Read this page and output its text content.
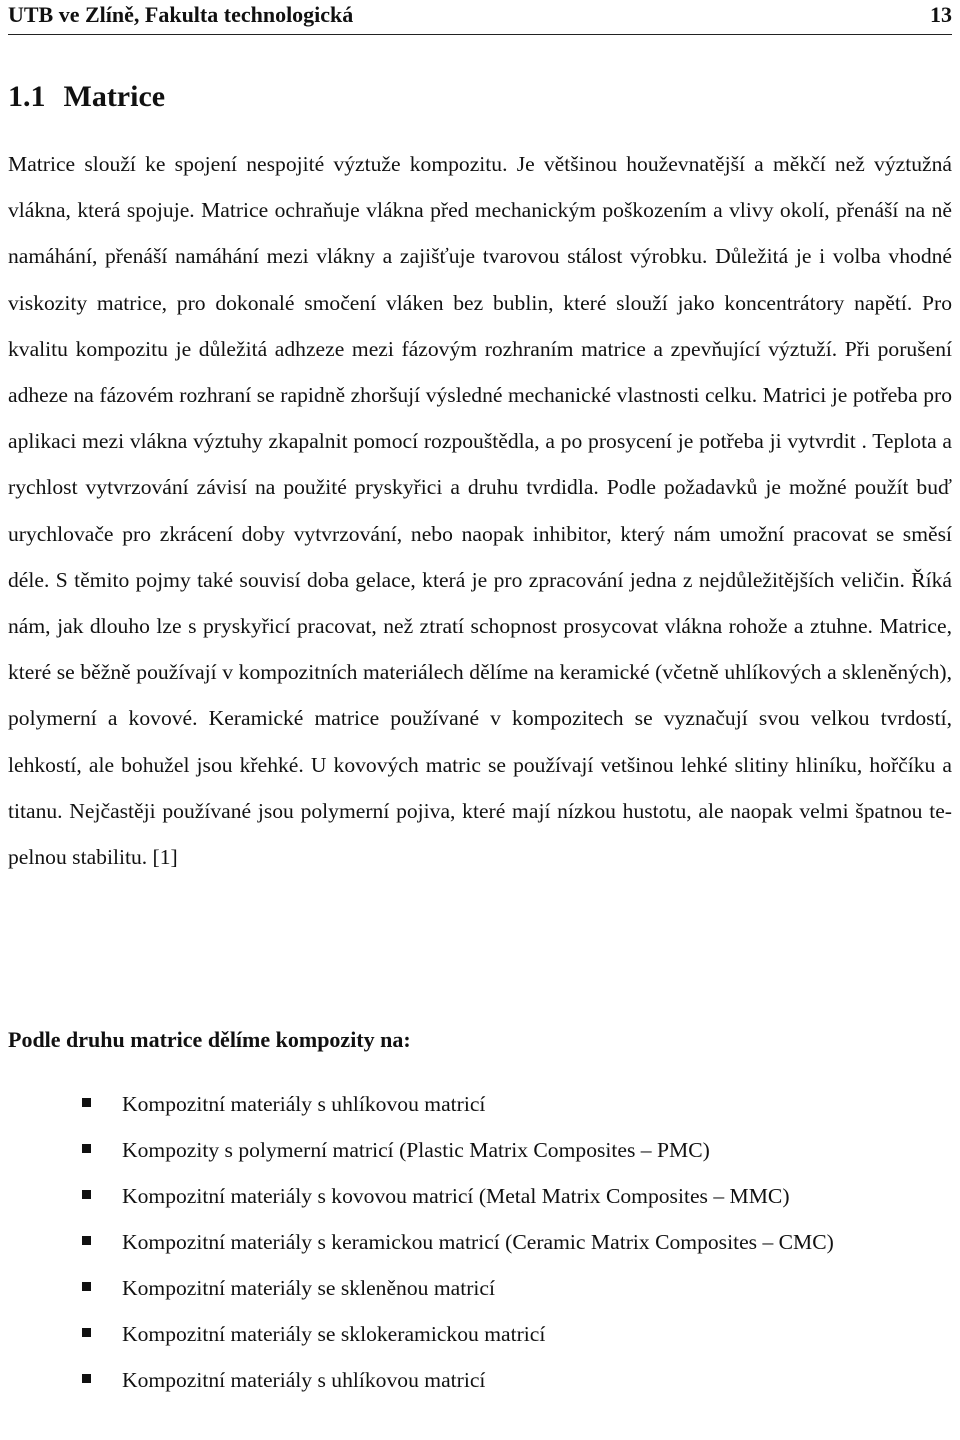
UTB ve Zlíně, Fakulta technologická	13
1.1 Matrice

Matrice slouží ke spojení nespojité výztuže kompozitu. Je většinou houževnatější a měkčí než výztužná vlákna, která spojuje. Matrice ochraňuje vlákna před mechanickým poškozením a vlivy okolí, přenáší na ně namáhání, přenáší namáhání mezi vlákny a zajišťuje tvarovou stálost výrobku. Důležitá je i volba vhodné viskozity matrice, pro dokonalé smočení vláken bez bublin, které slouží jako koncentrátory napětí. Pro kvalitu kompozitu je důležitá adhzeze mezi fázovým rozhraním matrice a zpevňující výztuží. Při porušení adheze na fázovém rozhraní se rapidně zhoršují výsledné mechanické vlastnosti celku. Matrici je potřeba pro aplikaci mezi vlákna výztuhy zkapalnit pomocí rozpouštědla, a po prosycení je potřeba ji vytvrdit . Teplota a rychlost vytvrzování závisí na použité pryskyřici a druhu tvrdidla. Podle požadavků je možné použít buď urychlovače pro zkrácení doby vytvrzování, nebo naopak inhibitor, který nám umožní pracovat se směsí déle. S těmito pojmy také souvisí doba gelace, která je pro zpracování jedna z nejdůležitějších veličin. Říká nám, jak dlouho lze s pryskyřicí pracovat, než ztratí schopnost prosycovat vlákna rohože a ztuhne. Matrice, které se běžně používají v kompozitních materiálech dělíme na keramické (včetně uhlíkových a skleněných), polymerní a kovové. Keramické matrice používané v kompozitech se vyznačují svou velkou tvrdostí, lehkostí, ale bohužel jsou křehké. U kovových matric se používají vetšinou lehké slitiny hliníku, hořčíku a titanu. Nejčastěji používané jsou polymerní pojiva, které mají nízkou hustotu, ale naopak velmi špatnou tepelnou stabilitu. [1]

Podle druhu matrice dělíme kompozity na:

Kompozitní materiály s uhlíkovou matricí
Kompozity s polymerní matricí (Plastic Matrix Composites – PMC)
Kompozitní materiály s kovovou matricí (Metal Matrix Composites – MMC)
Kompozitní materiály s keramickou matricí (Ceramic Matrix Composites – CMC)
Kompozitní materiály se skleněnou matricí
Kompozitní materiály se sklokeramickou matricí
Kompozitní materiály s uhlíkovou matricí
